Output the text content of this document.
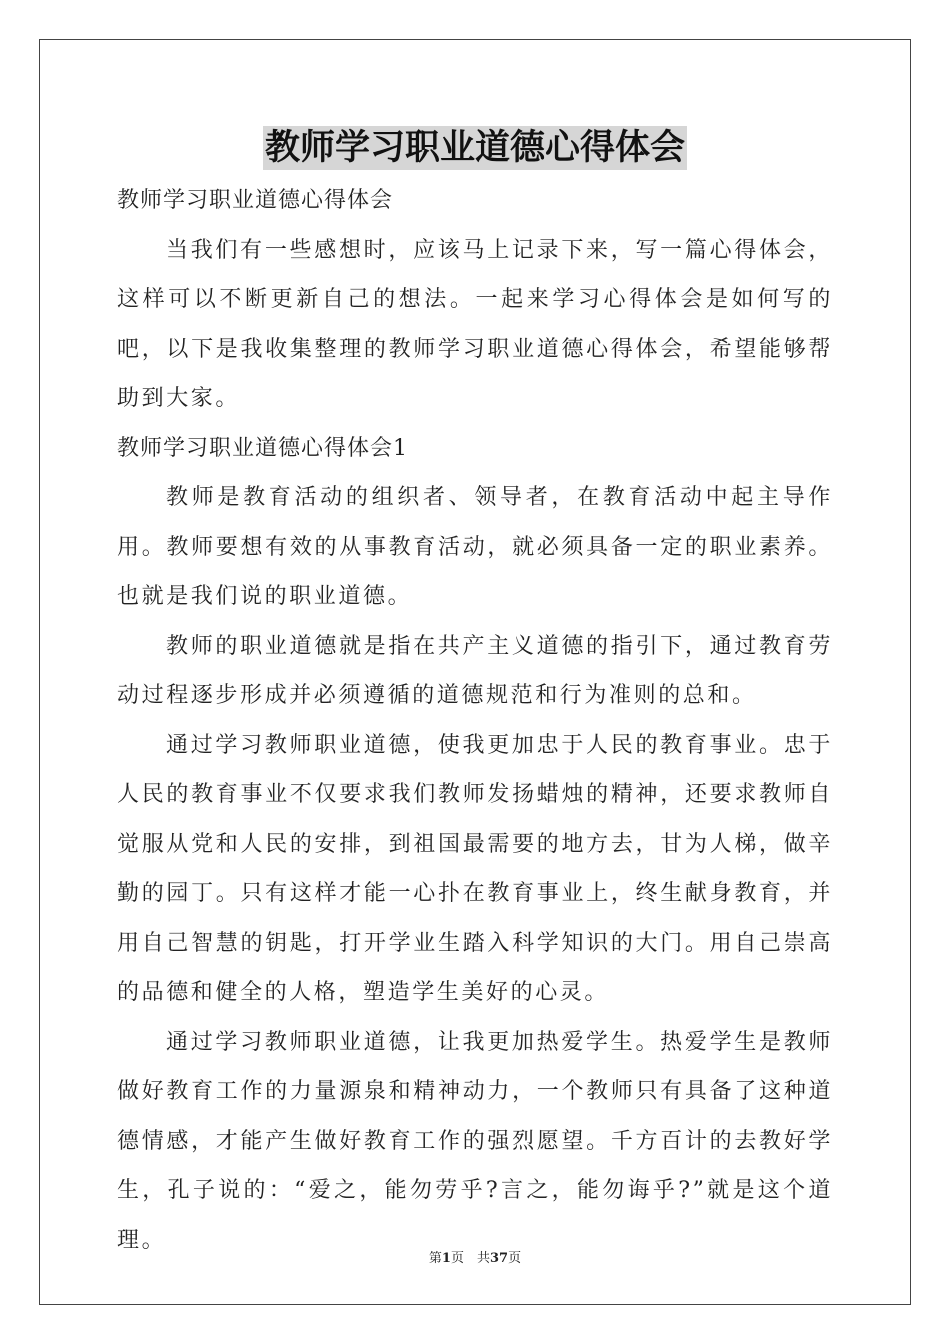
教师学习职业道德心得体会

教师学习职业道德心得体会

当我们有一些感想时，应该马上记录下来，写一篇心得体会，这样可以不断更新自己的想法。一起来学习心得体会是如何写的吧，以下是我收集整理的教师学习职业道德心得体会，希望能够帮助到大家。

教师学习职业道德心得体会1

教师是教育活动的组织者、领导者，在教育活动中起主导作用。教师要想有效的从事教育活动，就必须具备一定的职业素养。也就是我们说的职业道德。

教师的职业道德就是指在共产主义道德的指引下，通过教育劳动过程逐步形成并必须遵循的道德规范和行为准则的总和。

通过学习教师职业道德，使我更加忠于人民的教育事业。忠于人民的教育事业不仅要求我们教师发扬蜡烛的精神，还要求教师自觉服从党和人民的安排，到祖国最需要的地方去，甘为人梯，做辛勤的园丁。只有这样才能一心扑在教育事业上，终生献身教育，并用自己智慧的钥匙，打开学业生踏入科学知识的大门。用自己崇高的品德和健全的人格，塑造学生美好的心灵。

通过学习教师职业道德，让我更加热爱学生。热爱学生是教师做好教育工作的力量源泉和精神动力，一个教师只有具备了这种道德情感，才能产生做好教育工作的强烈愿望。千方百计的去教好学生，孔子说的：“爱之，能勿劳乎?言之，能勿诲乎?”就是这个道理。

第1页　共37页
